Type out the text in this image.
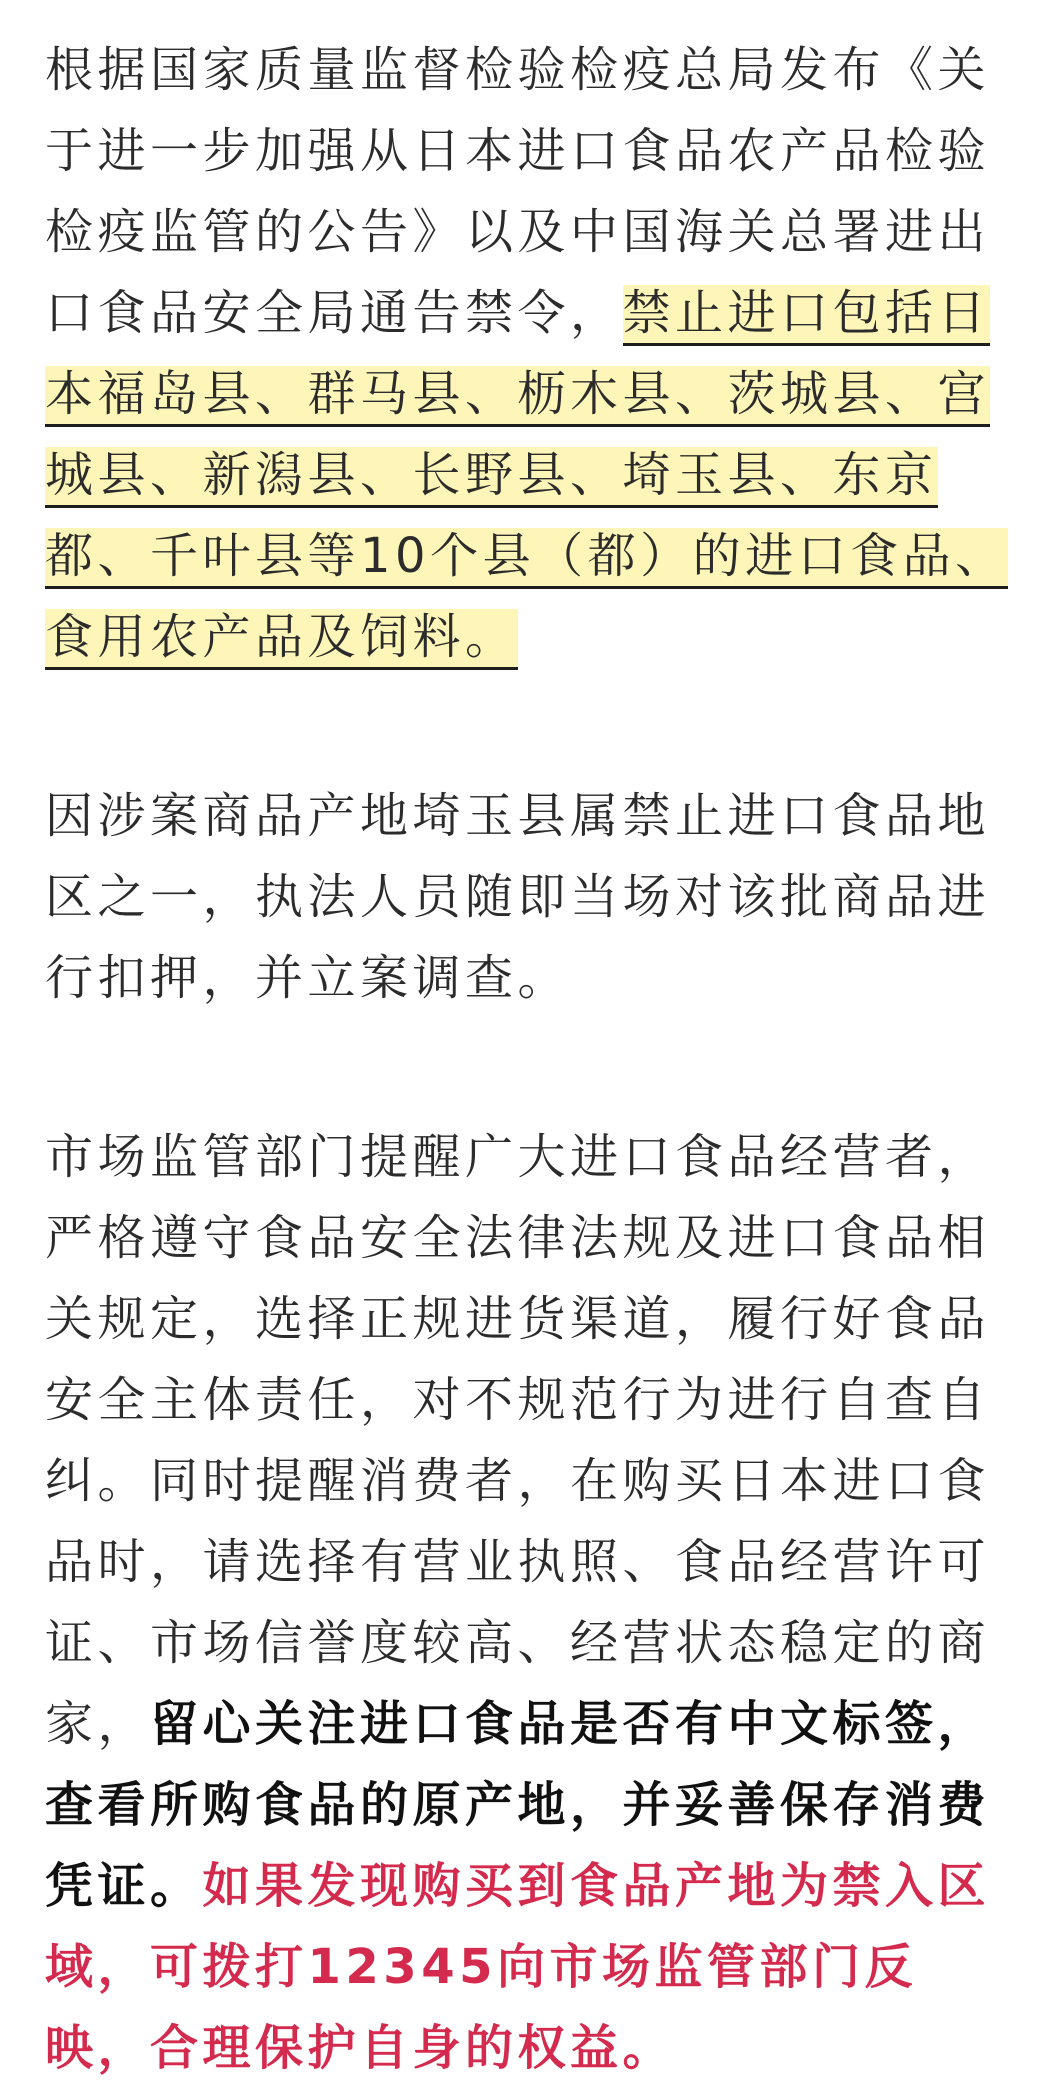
根据国家质量监督检验检疫总局发布《关于进一步加强从日本进口食品农产品检验检疫监管的公告》以及中国海关总署进出口食品安全局通告禁令，禁止进口包括日本福岛县、群马县、枥木县、茨城县、宫城县、新潟县、长野县、埼玉县、东京都、千叶县等10个县（都）的进口食品、食用农产品及饲料。

因涉案商品产地埼玉县属禁止进口食品地区之一，执法人员随即当场对该批商品进行扣押，并立案调查。

市场监管部门提醒广大进口食品经营者，严格遵守食品安全法律法规及进口食品相关规定，选择正规进货渠道，履行好食品安全主体责任，对不规范行为进行自查自纠。同时提醒消费者，在购买日本进口食品时，请选择有营业执照、食品经营许可证、市场信誉度较高、经营状态稳定的商家，留心关注进口食品是否有中文标签，查看所购食品的原产地，并妥善保存消费凭证。如果发现购买到食品产地为禁入区域，可拨打12345向市场监管部门反映，合理保护自身的权益。
